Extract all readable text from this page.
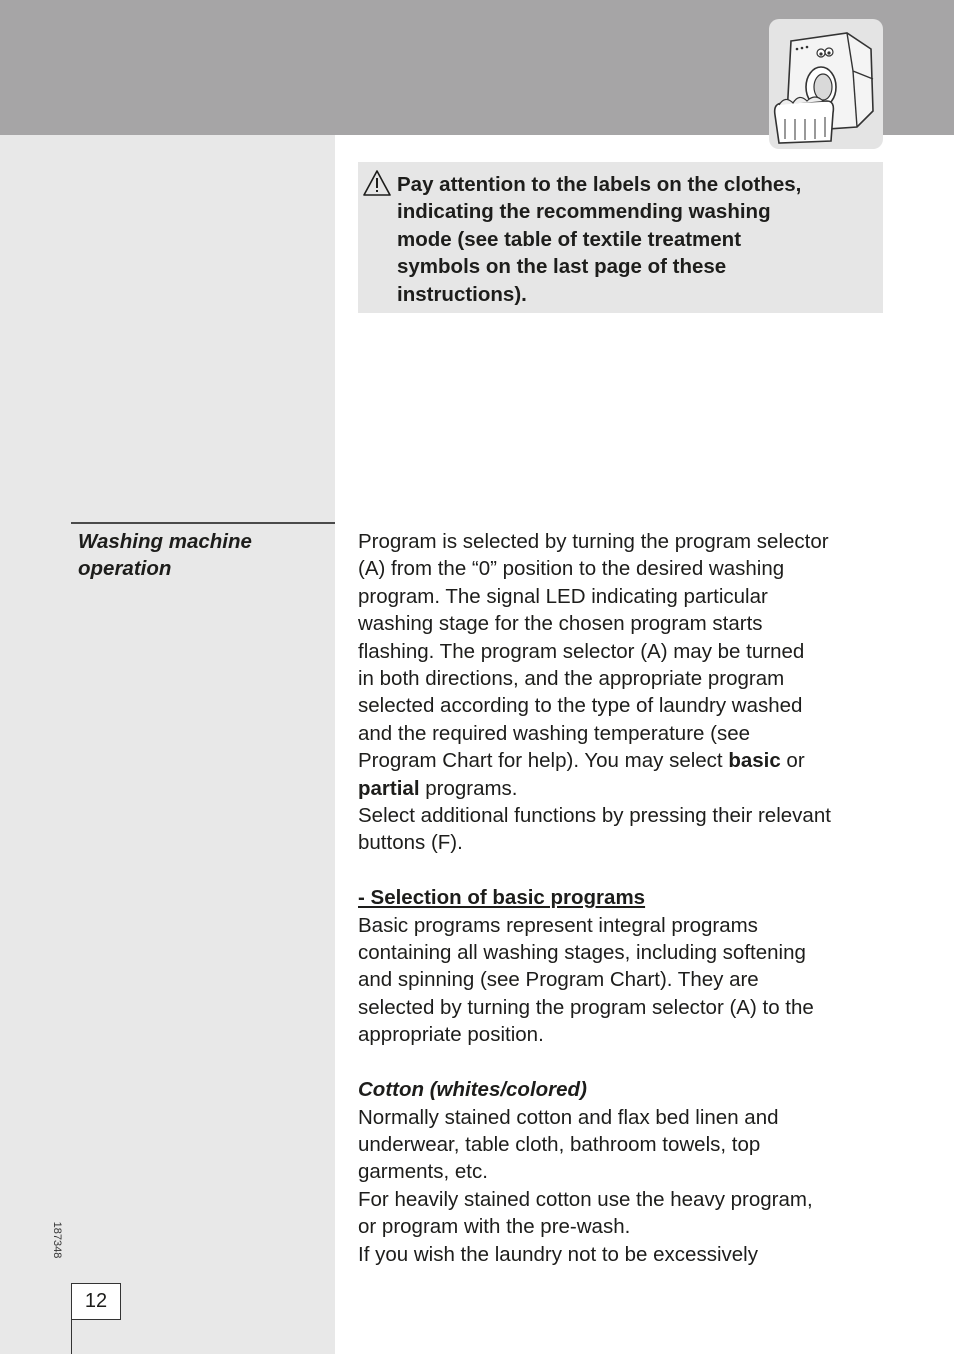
Pay attention to the labels on the clothes,
indicating the recommending washing
mode (see table of textile treatment
symbols on the last page of these
instructions).
Washing machine
operation

Program is selected by turning the program selector

(A) from the “0” position to the desired washing

program. The signal LED indicating particular

washing stage for the chosen program starts

flashing. The program selector (A) may be turned

in both directions, and the appropriate program

selected according to the type of laundry washed

and the required washing temperature (see

Program Chart for help). You may select basic or

partial programs.

Select additional functions by pressing their relevant

buttons (F).

- Selection of basic programs

Basic programs represent integral programs

containing all washing stages, including softening

and spinning (see Program Chart). They are

selected by turning the program selector (A) to the

appropriate position.

Cotton (whites/colored)

Normally stained cotton and flax bed linen and

underwear, table cloth, bathroom towels, top

garments, etc.

For heavily stained cotton use the heavy program,

or program with the pre-wash.

If you wish the laundry not to be excessively

187348
12
